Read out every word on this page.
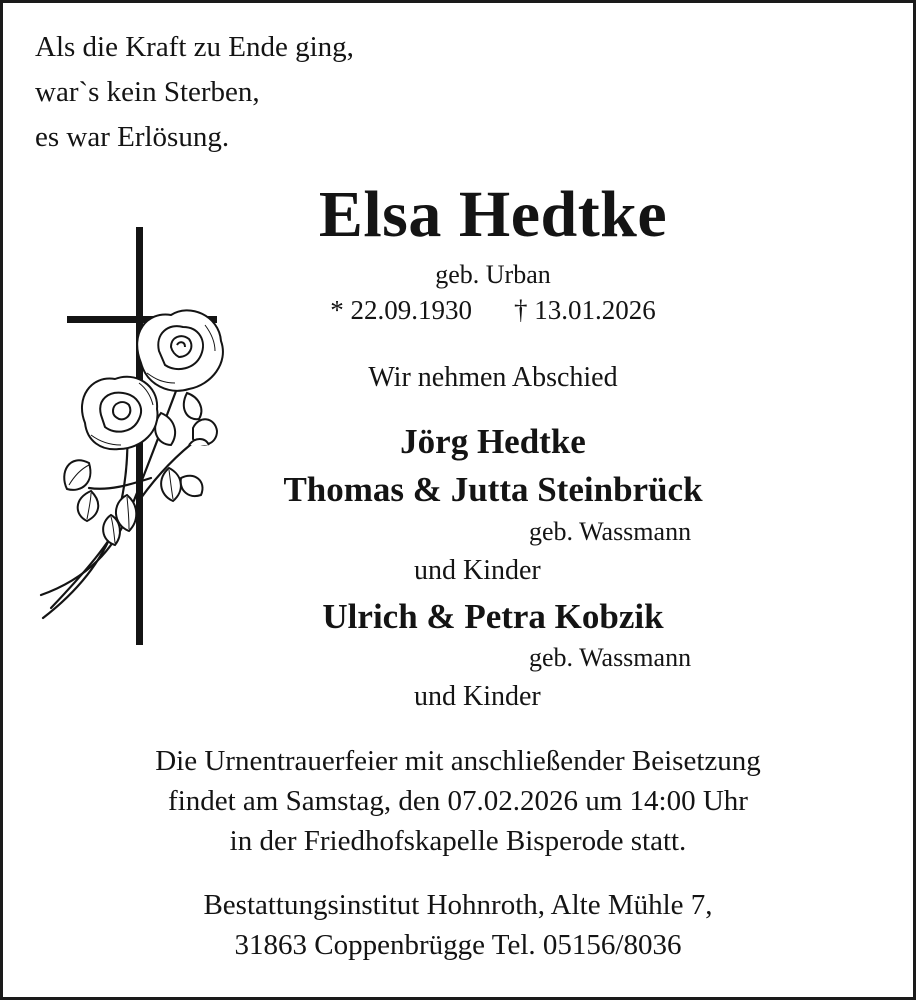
Als die Kraft zu Ende ging,
war`s kein Sterben,
es war Erlösung.
Elsa Hedtke
geb. Urban
* 22.09.1930 † 13.01.2026
Wir nehmen Abschied
Jörg Hedtke
Thomas & Jutta Steinbrück
geb. Wassmann
und Kinder
Ulrich & Petra Kobzik
geb. Wassmann
und Kinder
Die Urnentrauerfeier mit anschließender Beisetzung
findet am Samstag, den 07.02.2026 um 14:00 Uhr
in der Friedhofskapelle Bisperode statt.
Bestattungsinstitut Hohnroth, Alte Mühle 7,
31863 Coppenbrügge Tel. 05156/8036
